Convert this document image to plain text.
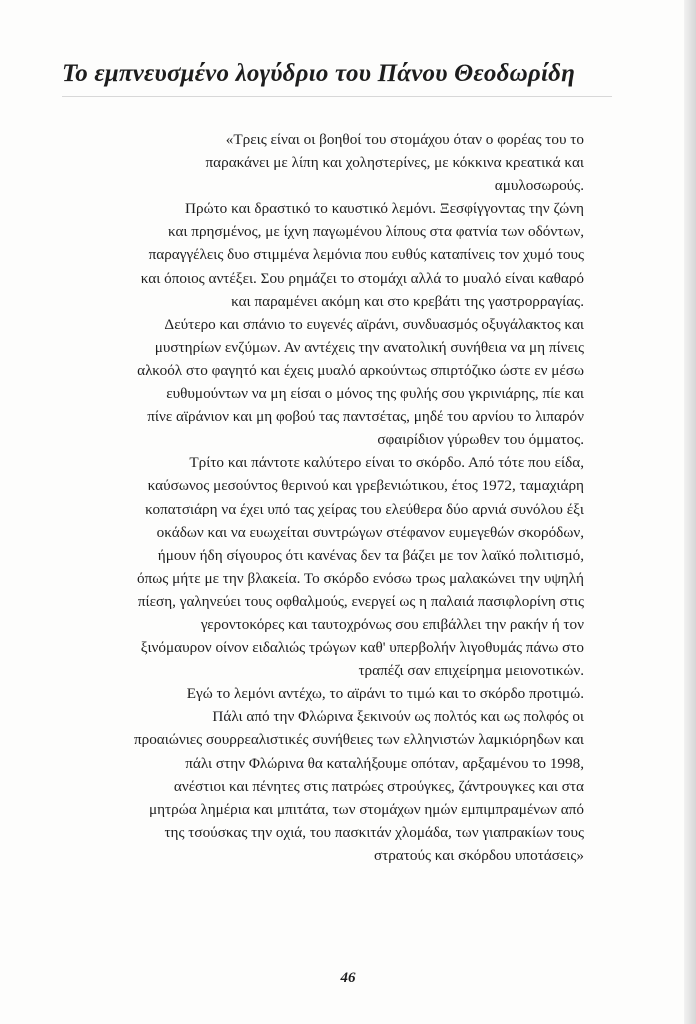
Το εμπνευσμένο λογύδριο του Πάνου Θεοδωρίδη
«Τρεις είναι οι βοηθοί του στομάχου όταν ο φορέας του το
παρακάνει με λίπη και χοληστερίνες, με κόκκινα κρεατικά και
αμυλοσωρούς.
Πρώτο και δραστικό το καυστικό λεμόνι. Ξεσφίγγοντας την ζώνη
και πρησμένος, με ίχνη παγωμένου λίπους στα φατνία των οδόντων,
παραγγέλεις δυο στιμμένα λεμόνια που ευθύς καταπίνεις τον χυμό τους
και όποιος αντέξει. Σου ρημάζει το στομάχι αλλά το μυαλό είναι καθαρό
και παραμένει ακόμη και στο κρεβάτι της γαστρορραγίας.
Δεύτερο και σπάνιο το ευγενές αϊράνι, συνδυασμός οξυγάλακτος και
μυστηρίων ενζύμων. Αν αντέχεις την ανατολική συνήθεια να μη πίνεις
αλκοόλ στο φαγητό και έχεις μυαλό αρκούντως σπιρτόζικο ώστε εν μέσω
ευθυμούντων να μη είσαι ο μόνος της φυλής σου γκρινιάρης, πίε και
πίνε αϊράνιον και μη φοβού τας παντσέτας, μηδέ του αρνίου το λιπαρόν
σφαιρίδιον γύρωθεν του όμματος.
Τρίτο και πάντοτε καλύτερο είναι το σκόρδο. Από τότε που είδα,
καύσωνος μεσούντος θερινού και γρεβενιώτικου, έτος 1972, ταμαχιάρη
κοπατσιάρη να έχει υπό τας χείρας του ελεύθερα δύο αρνιά συνόλου έξι
οκάδων και να ευωχείται συντρώγων στέφανον ευμεγεθών σκορόδων,
ήμουν ήδη σίγουρος ότι κανένας δεν τα βάζει με τον λαϊκό πολιτισμό,
όπως μήτε με την βλακεία. Το σκόρδο ενόσω τρως μαλακώνει την υψηλή
πίεση, γαληνεύει τους οφθαλμούς, ενεργεί ως η παλαιά πασιφλορίνη στις
γεροντοκόρες και ταυτοχρόνως σου επιβάλλει την ρακήν ή τον
ξινόμαυρον οίνον ειδαλιώς τρώγων καθ' υπερβολήν λιγοθυμάς πάνω στο
τραπέζι σαν επιχείρημα μειονοτικών.
Εγώ το λεμόνι αντέχω, το αϊράνι το τιμώ και το σκόρδο προτιμώ.
Πάλι από την Φλώρινα ξεκινούν ως πολτός και ως πολφός οι
προαιώνιες σουρρεαλιστικές συνήθειες των ελληνιστών λαμκιόρηδων και
πάλι στην Φλώρινα θα καταλήξουμε οπόταν, αρξαμένου το 1998,
ανέστιοι και πένητες στις πατρώες στρούγκες, ζάντρουγκες και στα
μητρώα λημέρια και μπιτάτα, των στομάχων ημών εμπιμπραμένων από
της τσούσκας την οχιά, του πασκιτάν χλομάδα, των γιαπρακίων τους
στρατούς και σκόρδου υποτάσεις»
46
